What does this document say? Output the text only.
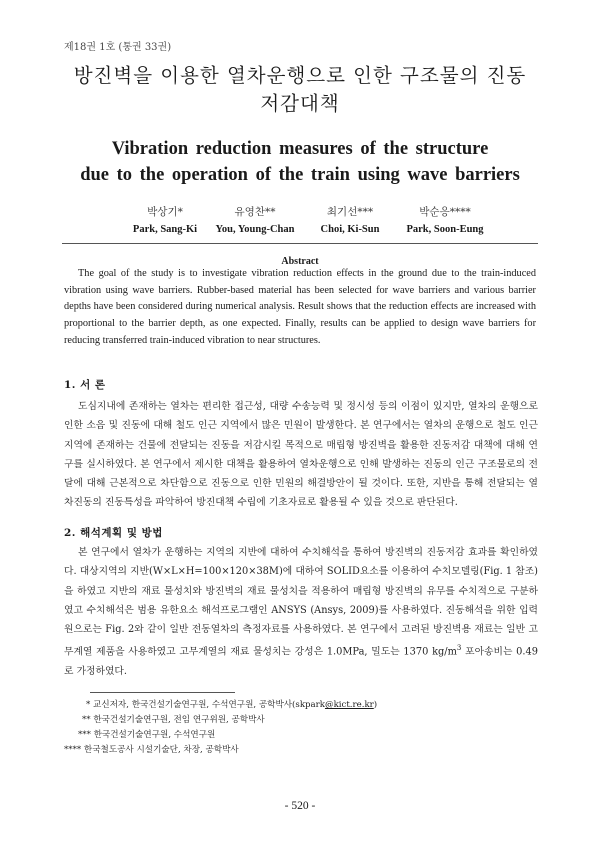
제18권 1호 (통권 33권)
방진벽을 이용한 열차운행으로 인한 구조물의 진동
저감대책
Vibration reduction measures of the structure
due to the operation of the train using wave barriers
박상기*
Park, Sang-Ki
유영찬**
You, Young-Chan
최기선***
Choi, Ki-Sun
박순응****
Park, Soon-Eung
Abstract
The goal of the study is to investigate vibration reduction effects in the ground due to the train-induced vibration using wave barriers. Rubber-based material has been selected for wave barriers and various barrier depths have been considered during numerical analysis. Result shows that the reduction effects are increased with proportional to the barrier depth, as one expected. Finally, results can be applied to design wave barriers for reducing transferred train-induced vibration to near structures.
1. 서 론
도심지내에 존재하는 열차는 편리한 접근성, 대량 수송능력 및 정시성 등의 이점이 있지만, 열차의 운행으로 인한 소음 및 진동에 대해 철도 인근 지역에서 많은 민원이 발생한다. 본 연구에서는 열차의 운행으로 철도 인근지역에 존재하는 건물에 전달되는 진동을 저감시킬 목적으로 매립형 방진벽을 활용한 진동저감 대책에 대해 연구를 실시하였다. 본 연구에서 제시한 대책을 활용하여 열차운행으로 인해 발생하는 진동의 인근 구조물로의 전달에 대해 근본적으로 차단함으로 진동으로 인한 민원의 해결방안이 될 것이다. 또한, 지반을 통해 전달되는 열차진동의 진동특성을 파악하여 방진대책 수립에 기초자료로 활용될 수 있을 것으로 판단된다.
2. 해석계획 및 방법
본 연구에서 열차가 운행하는 지역의 지반에 대하여 수치해석을 통하여 방진벽의 진동저감 효과를 확인하였다. 대상지역의 지반(W×L×H=100×120×38M)에 대하여 SOLID요소를 이용하여 수치모델링(Fig. 1 참조)을 하였고 지반의 재료 물성치와 방진벽의 재료 물성치을 적용하여 매립형 방진벽의 유무를 수치적으로 구분하였고 수치해석은 범용 유한요소 해석프로그램인 ANSYS (Ansys, 2009)를 사용하였다. 진동해석을 위한 입력원으로는 Fig. 2와 같이 일반 전동열차의 측정자료를 사용하였다. 본 연구에서 고려된 방진벽용 재료는 일반 고무계열 제품을 사용하였고 고무계열의 재료 물성치는 강성은 1.0MPa, 밀도는 1370 $kg/m^3$ 포아송비는 0.49로 가정하였다.
* 교신저자, 한국건설기술연구원, 수석연구원, 공학박사(skpark@kict.re.kr)
** 한국건설기술연구원, 전임 연구위원, 공학박사
*** 한국건설기술연구원, 수석연구원
**** 한국철도공사 시설기술단, 차장, 공학박사
- 520 -
